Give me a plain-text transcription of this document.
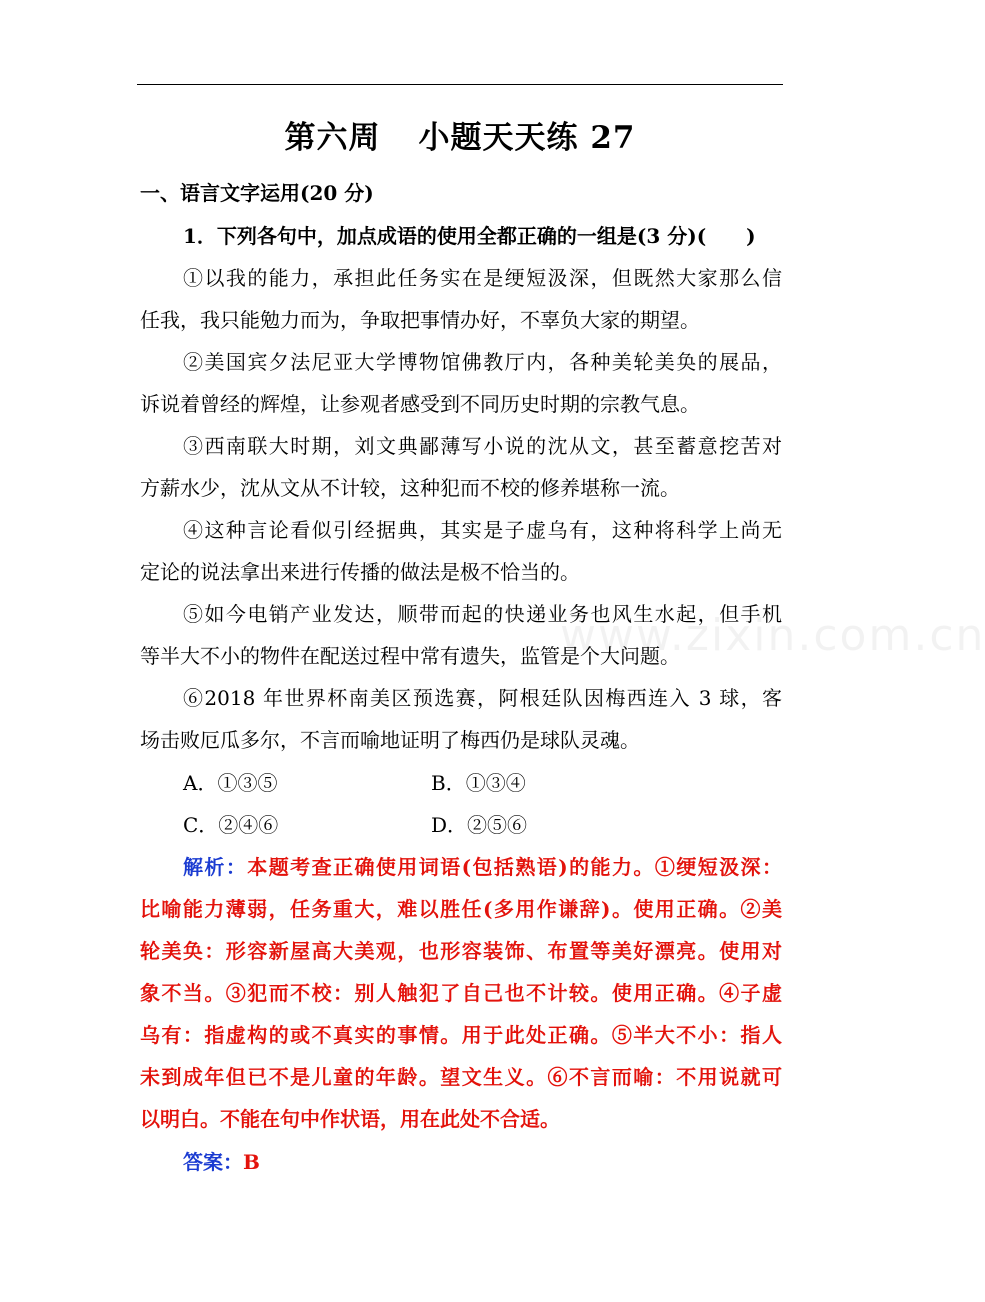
第六周 小题天天练 27
一、语言文字运用(20 分)
1．下列各句中，加点成语的使用全都正确的一组是(3 分)(　　)
①以我的能力，承担此任务实在是绠短汲深，但既然大家那么信
任我，我只能勉力而为，争取把事情办好，不辜负大家的期望。
②美国宾夕法尼亚大学博物馆佛教厅内，各种美轮美奂的展品，
诉说着曾经的辉煌，让参观者感受到不同历史时期的宗教气息。
③西南联大时期，刘文典鄙薄写小说的沈从文，甚至蓄意挖苦对
方薪水少，沈从文从不计较，这种犯而不校的修养堪称一流。
④这种言论看似引经据典，其实是子虚乌有，这种将科学上尚无
定论的说法拿出来进行传播的做法是极不恰当的。
⑤如今电销产业发达，顺带而起的快递业务也风生水起，但手机
等半大不小的物件在配送过程中常有遗失，监管是个大问题。
⑥2018 年世界杯南美区预选赛，阿根廷队因梅西连入 3 球，客
场击败厄瓜多尔，不言而喻地证明了梅西仍是球队灵魂。
A．①③⑤	B．①③④
C．②④⑥	D．②⑤⑥
解析：本题考查正确使用词语(包括熟语)的能力。①绠短汲深：
比喻能力薄弱，任务重大，难以胜任(多用作谦辞)。使用正确。②美
轮美奂：形容新屋高大美观，也形容装饰、布置等美好漂亮。使用对
象不当。③犯而不校：别人触犯了自己也不计较。使用正确。④子虚
乌有：指虚构的或不真实的事情。用于此处正确。⑤半大不小：指人
未到成年但已不是儿童的年龄。望文生义。⑥不言而喻：不用说就可
以明白。不能在句中作状语，用在此处不合适。
答案：B
www.zixin.com.cn
